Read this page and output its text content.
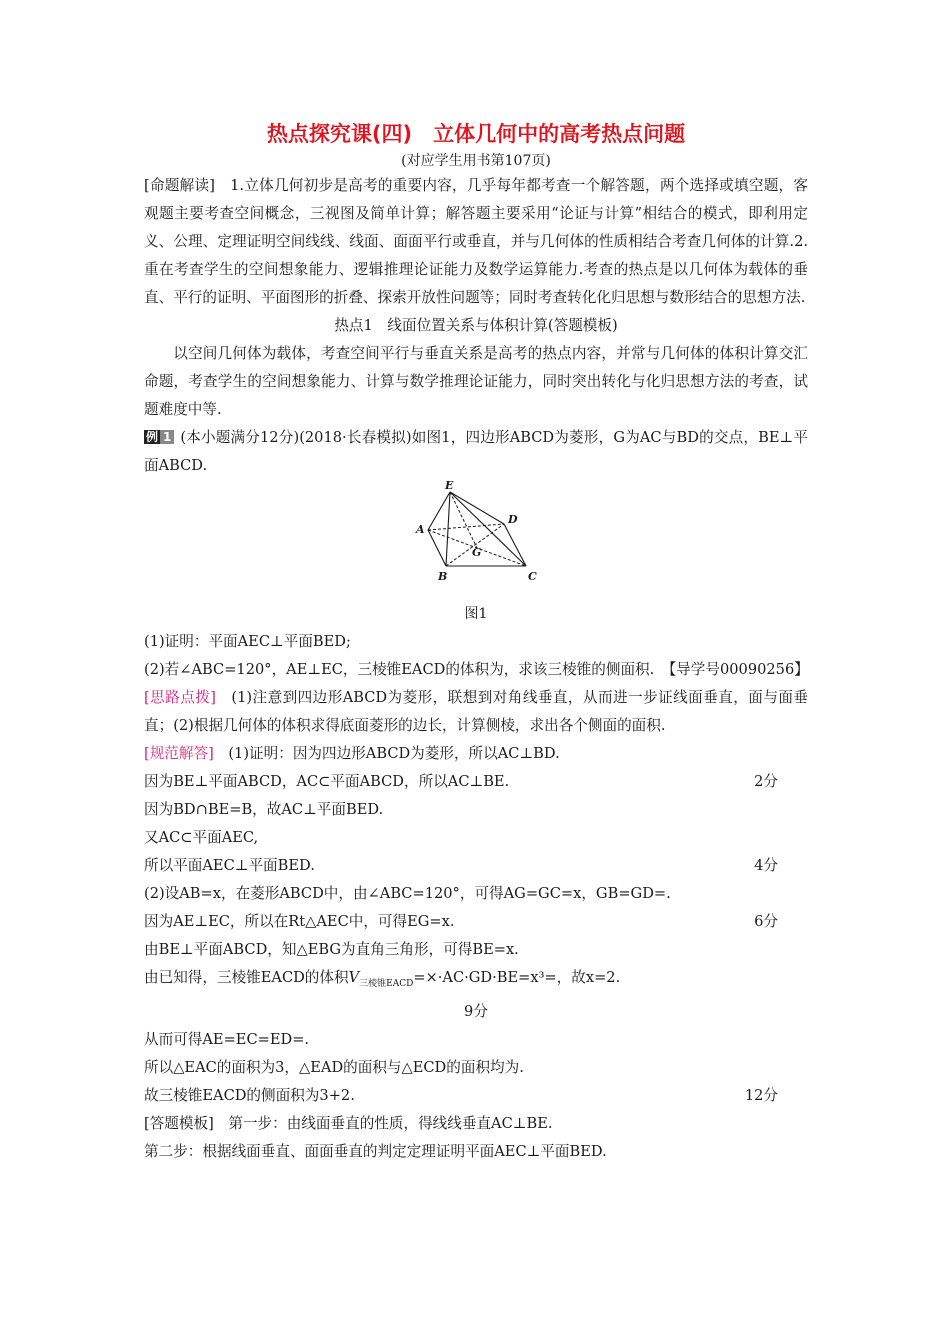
热点探究课(四)　立体几何中的高考热点问题
(对应学生用书第107页)

[命题解读]　1.立体几何初步是高考的重要内容，几乎每年都考查一个解答题，两个选择或填空题，客观题主要考查空间概念，三视图及简单计算；解答题主要采用“论证与计算”相结合的模式，即利用定义、公理、定理证明空间线线、线面、面面平行或垂直，并与几何体的性质相结合考查几何体的计算.2.重在考查学生的空间想象能力、逻辑推理论证能力及数学运算能力.考查的热点是以几何体为载体的垂直、平行的证明、平面图形的折叠、探索开放性问题等；同时考查转化化归思想与数形结合的思想方法.

热点1　线面位置关系与体积计算(答题模板)

以空间几何体为载体，考查空间平行与垂直关系是高考的热点内容，并常与几何体的体积计算交汇命题，考查学生的空间想象能力、计算与数学推理论证能力，同时突出转化与化归思想方法的考查，试题难度中等.

例 1 (本小题满分12分)(2018·长春模拟)如图1，四边形ABCD为菱形，G为AC与BD的交点，BE⊥平面ABCD.

E
A
D
G
B	C
图1

(1)证明：平面AEC⊥平面BED;

(2)若∠ABC=120°，AE⊥EC，三棱锥EACD的体积为，求该三棱锥的侧面积.　【导学号00090256】

[思路点拨]　(1)注意到四边形ABCD为菱形，联想到对角线垂直，从而进一步证线面垂直，面与面垂直；(2)根据几何体的体积求得底面菱形的边长，计算侧棱，求出各个侧面的面积.

[规范解答]　(1)证明：因为四边形ABCD为菱形，所以AC⊥BD.

因为BE⊥平面ABCD，AC⊂平面ABCD，所以AC⊥BE.	2分
因为BD∩BE=B，故AC⊥平面BED.
又AC⊂平面AEC,
所以平面AEC⊥平面BED.	4分
(2)设AB=x，在菱形ABCD中，由∠ABC=120°，可得AG=GC=x，GB=GD=.
因为AE⊥EC，所以在Rt△AEC中，可得EG=x.	6分
由BE⊥平面ABCD，知△EBG为直角三角形，可得BE=x.

由已知得，三棱锥EACD的体积$V_{三棱锥EACD}=\times\cdot AC\cdot GD\cdot BE=x^3=$，故x=2.

9分

从而可得AE=EC=ED=.
所以△EAC的面积为3，△EAD的面积与△ECD的面积均为.
故三棱锥EACD的侧面积为3+2.	12分

[答题模板]　第一步：由线面垂直的性质，得线线垂直AC⊥BE.

第二步：根据线面垂直、面面垂直的判定定理证明平面AEC⊥平面BED.
